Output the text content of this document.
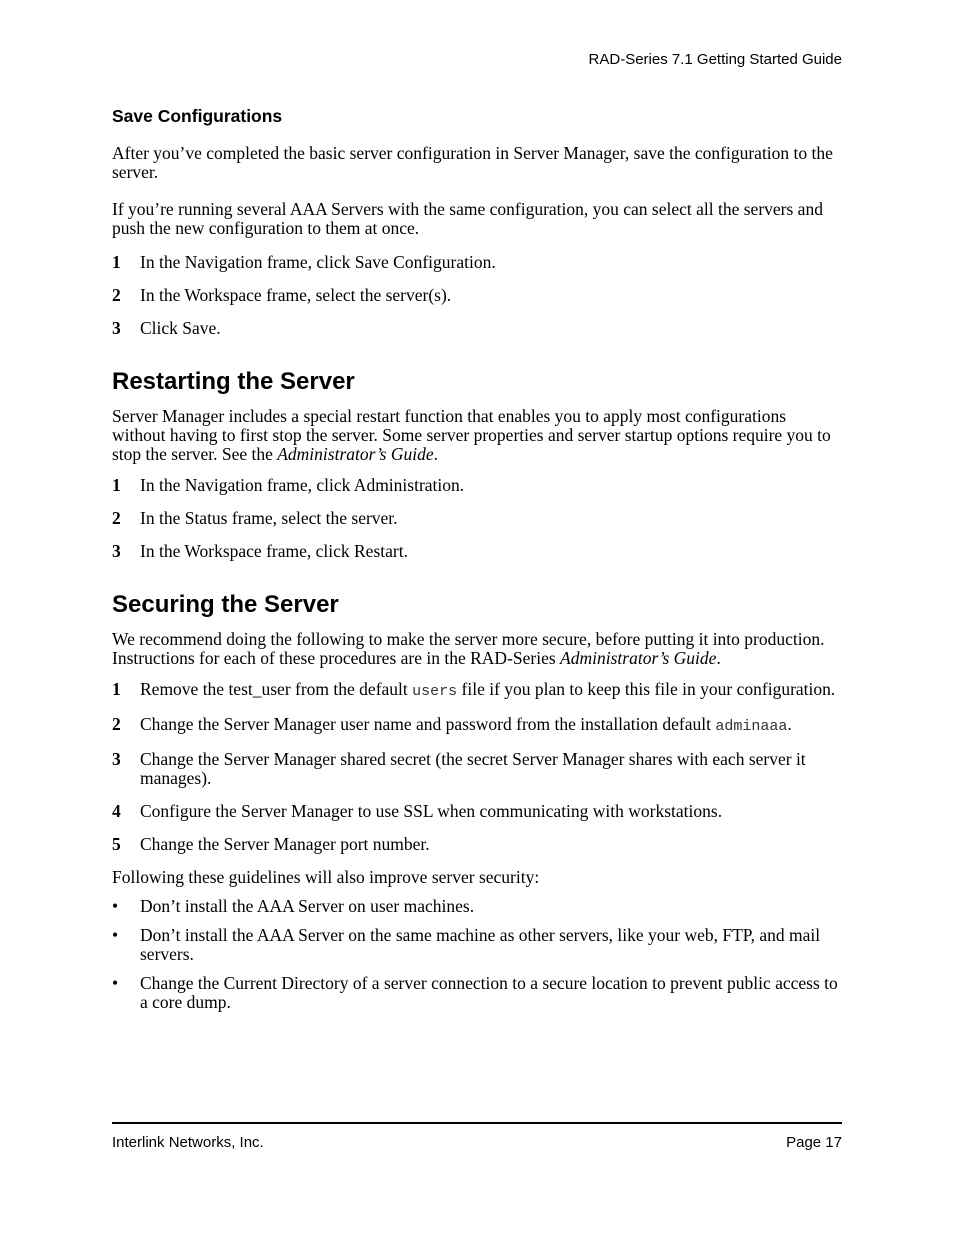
RAD-Series 7.1 Getting Started Guide
Save Configurations

After you’ve completed the basic server configuration in Server Manager, save the configuration to the server.

If you’re running several AAA Servers with the same configuration, you can select all the servers and push the new configuration to them at once.

1 In the Navigation frame, click Save Configuration.
2 In the Workspace frame, select the server(s).
3 Click Save.
Restarting the Server

Server Manager includes a special restart function that enables you to apply most configurations without having to first stop the server. Some server properties and server startup options require you to stop the server. See the Administrator’s Guide.

1 In the Navigation frame, click Administration.
2 In the Status frame, select the server.
3 In the Workspace frame, click Restart.
Securing the Server

We recommend doing the following to make the server more secure, before putting it into production. Instructions for each of these procedures are in the RAD-Series Administrator’s Guide.

1 Remove the test_user from the default users file if you plan to keep this file in your configuration.
2 Change the Server Manager user name and password from the installation default adminaaa.
3 Change the Server Manager shared secret (the secret Server Manager shares with each server it manages).
4 Configure the Server Manager to use SSL when communicating with workstations.
5 Change the Server Manager port number.

Following these guidelines will also improve server security:

• Don’t install the AAA Server on user machines.
• Don’t install the AAA Server on the same machine as other servers, like your web, FTP, and mail servers.
• Change the Current Directory of a server connection to a secure location to prevent public access to a core dump.
Interlink Networks, Inc.	Page 17
